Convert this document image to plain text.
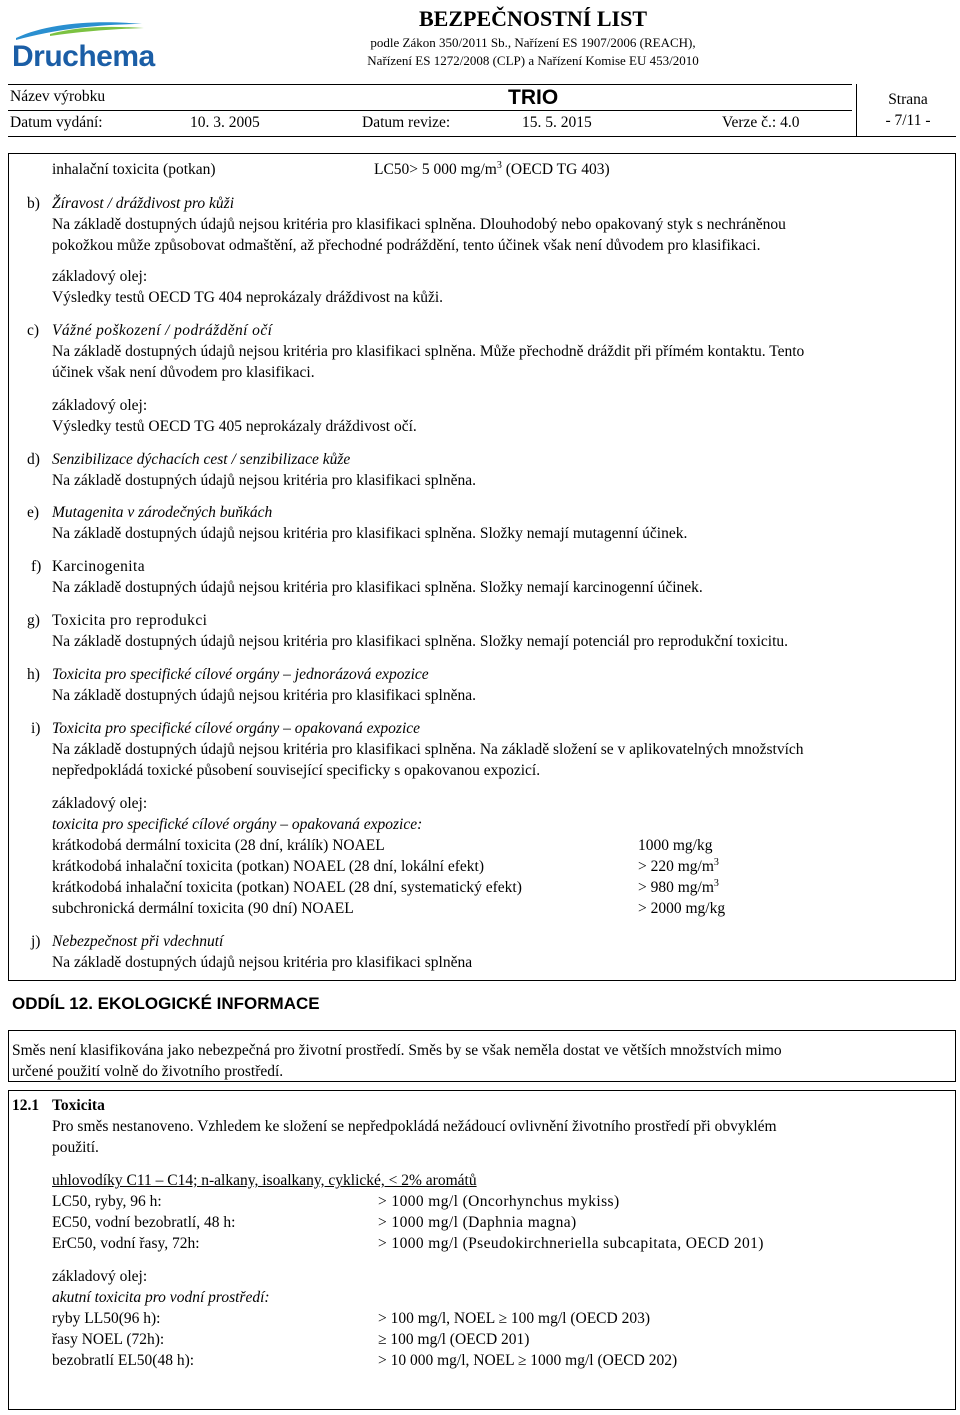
Druchema
BEZPEČNOSTNÍ LIST
podle Zákon 350/2011 Sb., Nařízení ES 1907/2006 (REACH),
Nařízení ES 1272/2008 (CLP) a Nařízení Komise EU 453/2010
Název výrobku	TRIO
Datum vydání:	10. 3. 2005	Datum revize:	15. 5. 2015	Verze č.: 4.0
Strana
- 7/11 -
inhalační toxicita (potkan)	LC50> 5 000 $mg/m^3$ (OECD TG 403)
b) Žíravost / dráždivost pro kůži
Na základě dostupných údajů nejsou kritéria pro klasifikaci splněna. Dlouhodobý nebo opakovaný styk s nechráněnou
pokožkou může způsobovat odmaštění, až přechodné podráždění, tento účinek však není důvodem pro klasifikaci.
základový olej:
Výsledky testů OECD TG 404 neprokázaly dráždivost na kůži.
c) Vážné poškození / podráždění očí
Na základě dostupných údajů nejsou kritéria pro klasifikaci splněna. Může přechodně dráždit při přímém kontaktu. Tento
účinek však není důvodem pro klasifikaci.
základový olej:
Výsledky testů OECD TG 405 neprokázaly dráždivost očí.
d) Senzibilizace dýchacích cest / senzibilizace kůže
Na základě dostupných údajů nejsou kritéria pro klasifikaci splněna.
e) Mutagenita v zárodečných buňkách
Na základě dostupných údajů nejsou kritéria pro klasifikaci splněna. Složky nemají mutagenní účinek.
f) Karcinogenita
Na základě dostupných údajů nejsou kritéria pro klasifikaci splněna. Složky nemají karcinogenní účinek.
g) Toxicita pro reprodukci
Na základě dostupných údajů nejsou kritéria pro klasifikaci splněna. Složky nemají potenciál pro reprodukční toxicitu.
h) Toxicita pro specifické cílové orgány – jednorázová expozice
Na základě dostupných údajů nejsou kritéria pro klasifikaci splněna.
i) Toxicita pro specifické cílové orgány – opakovaná expozice
Na základě dostupných údajů nejsou kritéria pro klasifikaci splněna. Na základě složení se v aplikovatelných množstvích
nepředpokládá toxické působení související specificky s opakovanou expozicí.
základový olej:
toxicita pro specifické cílové orgány – opakovaná expozice:
krátkodobá dermální toxicita (28 dní, králík) NOAEL	1000 mg/kg
krátkodobá inhalační toxicita (potkan) NOAEL (28 dní, lokální efekt)	> 220 $mg/m^3$
krátkodobá inhalační toxicita (potkan) NOAEL (28 dní, systematický efekt)	> 980 $mg/m^3$
subchronická dermální toxicita (90 dní) NOAEL	> 2000 mg/kg
j) Nebezpečnost při vdechnutí
Na základě dostupných údajů nejsou kritéria pro klasifikaci splněna
ODDÍL 12. EKOLOGICKÉ INFORMACE
Směs není klasifikována jako nebezpečná pro životní prostředí. Směs by se však neměla dostat ve větších množstvích mimo
určené použití volně do životního prostředí.
12.1 Toxicita
Pro směs nestanoveno. Vzhledem ke složení se nepředpokládá nežádoucí ovlivnění životního prostředí při obvyklém
použití.
uhlovodíky C11 – C14; n-alkany, isoalkany, cyklické, < 2% aromátů
LC50, ryby, 96 h:	> 1000 mg/l (Oncorhynchus mykiss)
EC50, vodní bezobratlí, 48 h:	> 1000 mg/l (Daphnia magna)
ErC50, vodní řasy, 72h:	> 1000 mg/l (Pseudokirchneriella subcapitata, OECD 201)
základový olej:
akutní toxicita pro vodní prostředí:
ryby LL50(96 h):	> 100 mg/l, NOEL ≥ 100 mg/l (OECD 203)
řasy NOEL (72h):	≥ 100 mg/l (OECD 201)
bezobratlí EL50(48 h):	> 10 000 mg/l, NOEL ≥ 1000 mg/l (OECD 202)
